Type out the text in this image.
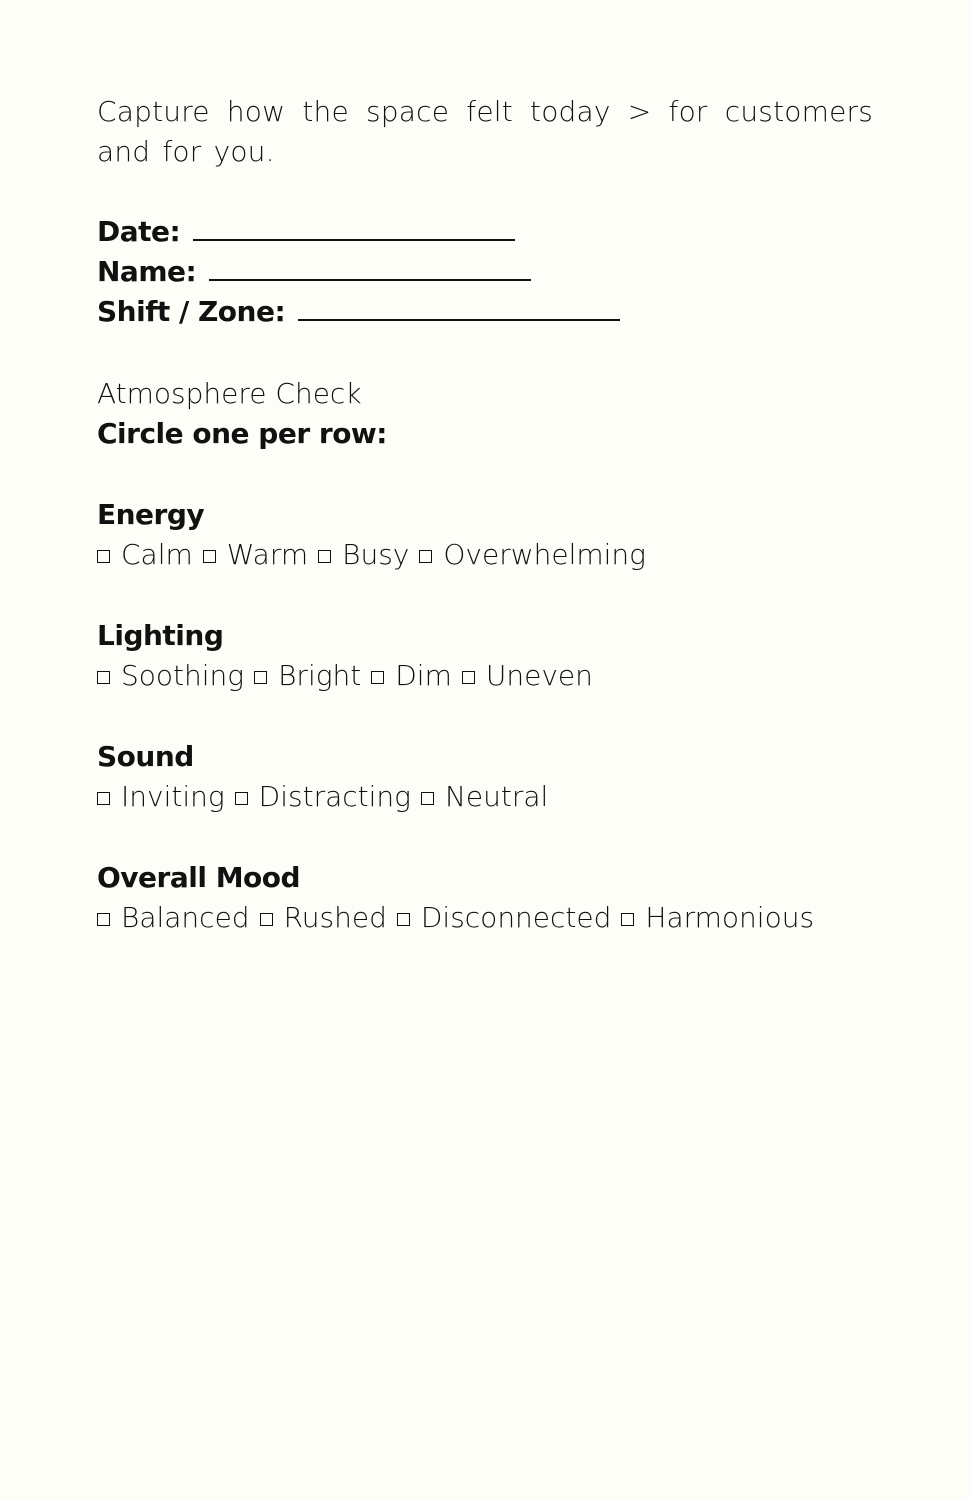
Capture how the space felt today > for customers and for you.

Date:
Name:
Shift / Zone:
Atmosphere Check
Circle one per row:
Energy
Calm Warm Busy Overwhelming
Lighting
Soothing Bright Dim Uneven
Sound
Inviting Distracting Neutral
Overall Mood
Balanced Rushed Disconnected Harmonious
